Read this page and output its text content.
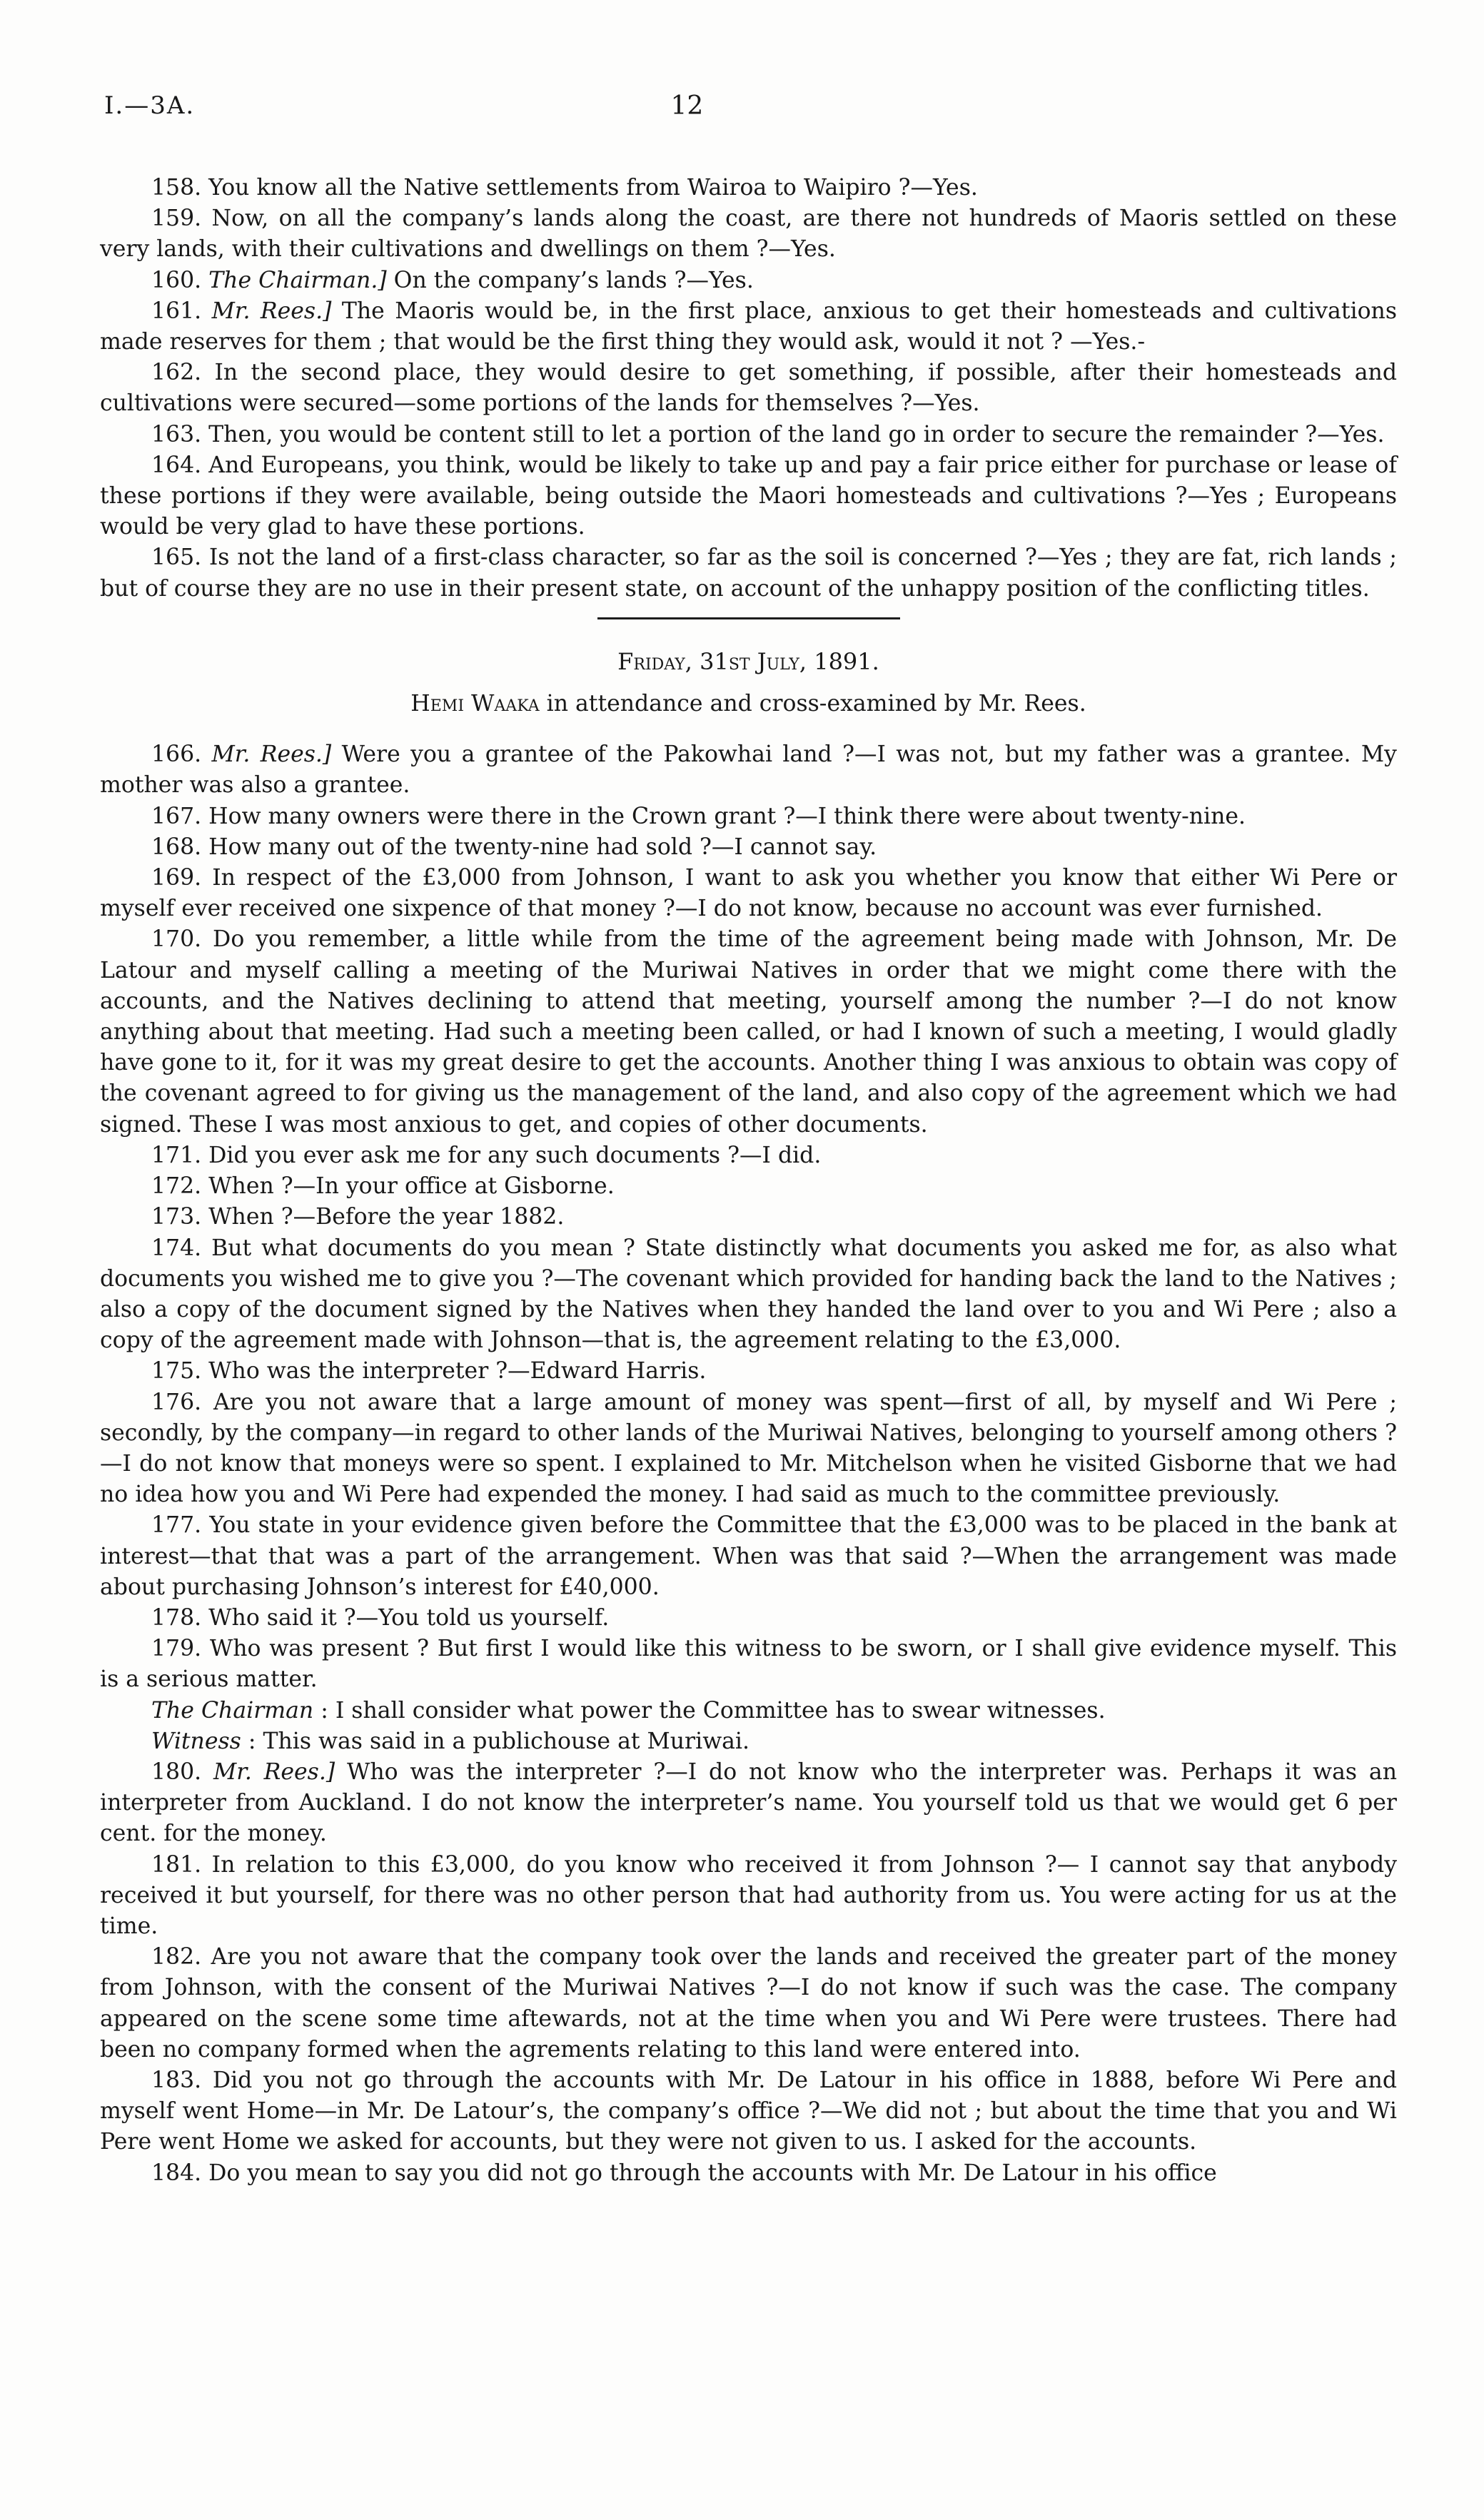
I.—3A.	12

158. You know all the Native settlements from Wairoa to Waipiro ?—Yes.

159. Now, on all the company’s lands along the coast, are there not hundreds of Maoris settled on these very lands, with their cultivations and dwellings on them ?—Yes.

160. The Chairman.] On the company’s lands ?—Yes.

161. Mr. Rees.] The Maoris would be, in the first place, anxious to get their homesteads and cultivations made reserves for them ; that would be the first thing they would ask, would it not ? —Yes.-

162. In the second place, they would desire to get something, if possible, after their homesteads and cultivations were secured—some portions of the lands for themselves ?—Yes.

163. Then, you would be content still to let a portion of the land go in order to secure the remainder ?—Yes.

164. And Europeans, you think, would be likely to take up and pay a fair price either for purchase or lease of these portions if they were available, being outside the Maori homesteads and cultivations ?—Yes ; Europeans would be very glad to have these portions.

165. Is not the land of a first-class character, so far as the soil is concerned ?—Yes ; they are fat, rich lands ; but of course they are no use in their present state, on account of the unhappy position of the conflicting titles.

Friday, 31st July, 1891.

Hemi Waaka in attendance and cross-examined by Mr. Rees.

166. Mr. Rees.] Were you a grantee of the Pakowhai land ?—I was not, but my father was a grantee. My mother was also a grantee.

167. How many owners were there in the Crown grant ?—I think there were about twenty-nine.

168. How many out of the twenty-nine had sold ?—I cannot say.

169. In respect of the £3,000 from Johnson, I want to ask you whether you know that either Wi Pere or myself ever received one sixpence of that money ?—I do not know, because no account was ever furnished.

170. Do you remember, a little while from the time of the agreement being made with Johnson, Mr. De Latour and myself calling a meeting of the Muriwai Natives in order that we might come there with the accounts, and the Natives declining to attend that meeting, yourself among the number ?—I do not know anything about that meeting. Had such a meeting been called, or had I known of such a meeting, I would gladly have gone to it, for it was my great desire to get the accounts. Another thing I was anxious to obtain was copy of the covenant agreed to for giving us the management of the land, and also copy of the agreement which we had signed. These I was most anxious to get, and copies of other documents.

171. Did you ever ask me for any such documents ?—I did.

172. When ?—In your office at Gisborne.

173. When ?—Before the year 1882.

174. But what documents do you mean ? State distinctly what documents you asked me for, as also what documents you wished me to give you ?—The covenant which provided for handing back the land to the Natives ; also a copy of the document signed by the Natives when they handed the land over to you and Wi Pere ; also a copy of the agreement made with Johnson—that is, the agreement relating to the £3,000.

175. Who was the interpreter ?—Edward Harris.

176. Are you not aware that a large amount of money was spent—first of all, by myself and Wi Pere ; secondly, by the company—in regard to other lands of the Muriwai Natives, belonging to yourself among others ?—I do not know that moneys were so spent. I explained to Mr. Mitchelson when he visited Gisborne that we had no idea how you and Wi Pere had expended the money. I had said as much to the committee previously.

177. You state in your evidence given before the Committee that the £3,000 was to be placed in the bank at interest—that that was a part of the arrangement. When was that said ?—When the arrangement was made about purchasing Johnson’s interest for £40,000.

178. Who said it ?—You told us yourself.

179. Who was present ? But first I would like this witness to be sworn, or I shall give evidence myself. This is a serious matter.

The Chairman : I shall consider what power the Committee has to swear witnesses.

Witness : This was said in a publichouse at Muriwai.

180. Mr. Rees.] Who was the interpreter ?—I do not know who the interpreter was. Perhaps it was an interpreter from Auckland. I do not know the interpreter’s name. You yourself told us that we would get 6 per cent. for the money.

181. In relation to this £3,000, do you know who received it from Johnson ?— I cannot say that anybody received it but yourself, for there was no other person that had authority from us. You were acting for us at the time.

182. Are you not aware that the company took over the lands and received the greater part of the money from Johnson, with the consent of the Muriwai Natives ?—I do not know if such was the case. The company appeared on the scene some time aftewards, not at the time when you and Wi Pere were trustees. There had been no company formed when the agrements relating to this land were entered into.

183. Did you not go through the accounts with Mr. De Latour in his office in 1888, before Wi Pere and myself went Home—in Mr. De Latour’s, the company’s office ?—We did not ; but about the time that you and Wi Pere went Home we asked for accounts, but they were not given to us. I asked for the accounts.

184. Do you mean to say you did not go through the accounts with Mr. De Latour in his office
